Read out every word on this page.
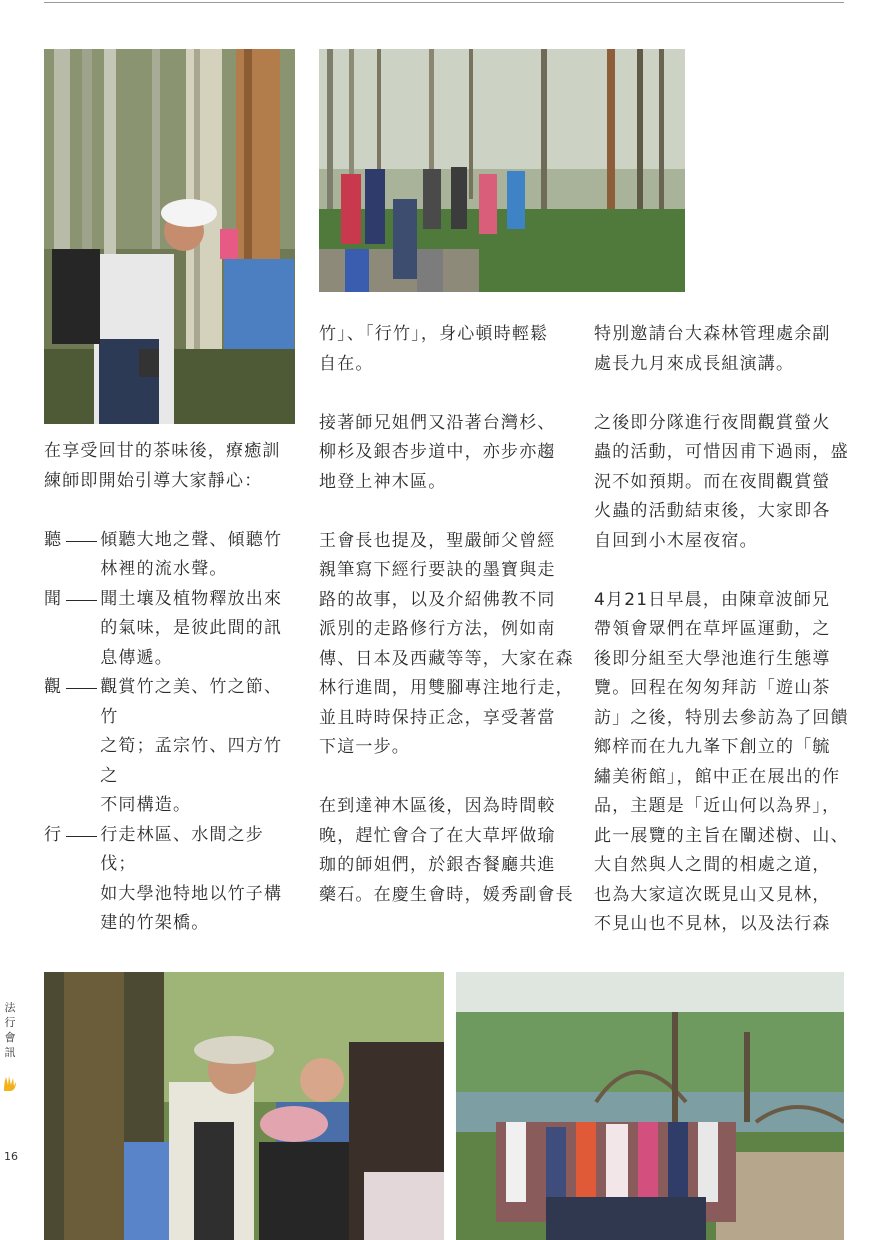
在享受回甘的茶味後，療癒訓
練師即開始引導大家靜心：

聽 傾聽大地之聲、傾聽竹
林裡的流水聲。
聞 聞土壤及植物釋放出來
的氣味，是彼此間的訊
息傳遞。
觀 觀賞竹之美、竹之節、竹
之筍；孟宗竹、四方竹之
不同構造。
行 行走林區、水間之步伐；
如大學池特地以竹子構
建的竹架橋。

竹」、「行竹」，身心頓時輕鬆
自在。

接著師兄姐們又沿著台灣杉、
柳杉及銀杏步道中，亦步亦趨
地登上神木區。

王會長也提及，聖嚴師父曾經
親筆寫下經行要訣的墨寶與走
路的故事，以及介紹佛教不同
派別的走路修行方法，例如南
傳、日本及西藏等等，大家在森
林行進間，用雙腳專注地行走，
並且時時保持正念，享受著當
下這一步。

在到達神木區後，因為時間較
晚，趕忙會合了在大草坪做瑜
珈的師姐們，於銀杏餐廳共進
藥石。在慶生會時，媛秀副會長

特別邀請台大森林管理處余副
處長九月來成長組演講。

之後即分隊進行夜間觀賞螢火
蟲的活動，可惜因甫下過雨，盛
況不如預期。而在夜間觀賞螢
火蟲的活動結束後，大家即各
自回到小木屋夜宿。

4月21日早晨，由陳章波師兄
帶領會眾們在草坪區運動，之
後即分組至大學池進行生態導
覽。回程在匆匆拜訪「遊山茶
訪」之後，特別去參訪為了回饋
鄉梓而在九九峯下創立的「毓
繡美術館」，館中正在展出的作
品，主題是「近山何以為界」，
此一展覽的主旨在闡述樹、山、
大自然與人之間的相處之道，
也為大家這次既見山又見林，
不見山也不見林，以及法行森

法
行
會
訊
16
